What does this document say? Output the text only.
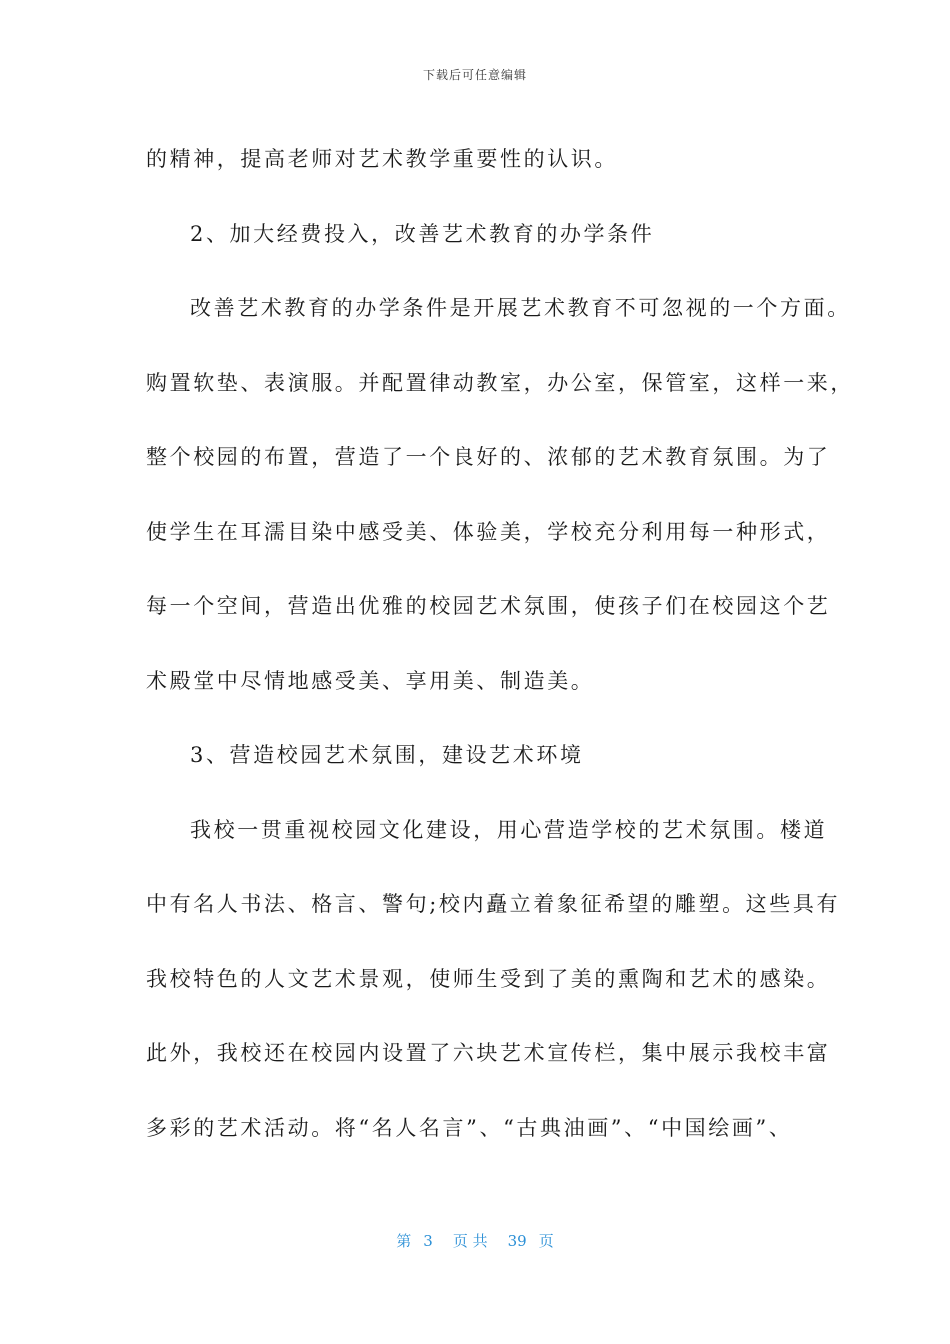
下载后可任意编辑
的精神，提高老师对艺术教学重要性的认识。
2、加大经费投入，改善艺术教育的办学条件
改善艺术教育的办学条件是开展艺术教育不可忽视的一个方面。
购置软垫、表演服。并配置律动教室，办公室，保管室，这样一来，
整个校园的布置，营造了一个良好的、浓郁的艺术教育氛围。为了
使学生在耳濡目染中感受美、体验美，学校充分利用每一种形式，
每一个空间，营造出优雅的校园艺术氛围，使孩子们在校园这个艺
术殿堂中尽情地感受美、享用美、制造美。
3、营造校园艺术氛围，建设艺术环境
我校一贯重视校园文化建设，用心营造学校的艺术氛围。楼道
中有名人书法、格言、警句;校内矗立着象征希望的雕塑。这些具有
我校特色的人文艺术景观，使师生受到了美的熏陶和艺术的感染。
此外，我校还在校园内设置了六块艺术宣传栏，集中展示我校丰富
多彩的艺术活动。将“名人名言”、“古典油画”、“中国绘画”、
第 3 页 共 39 页
